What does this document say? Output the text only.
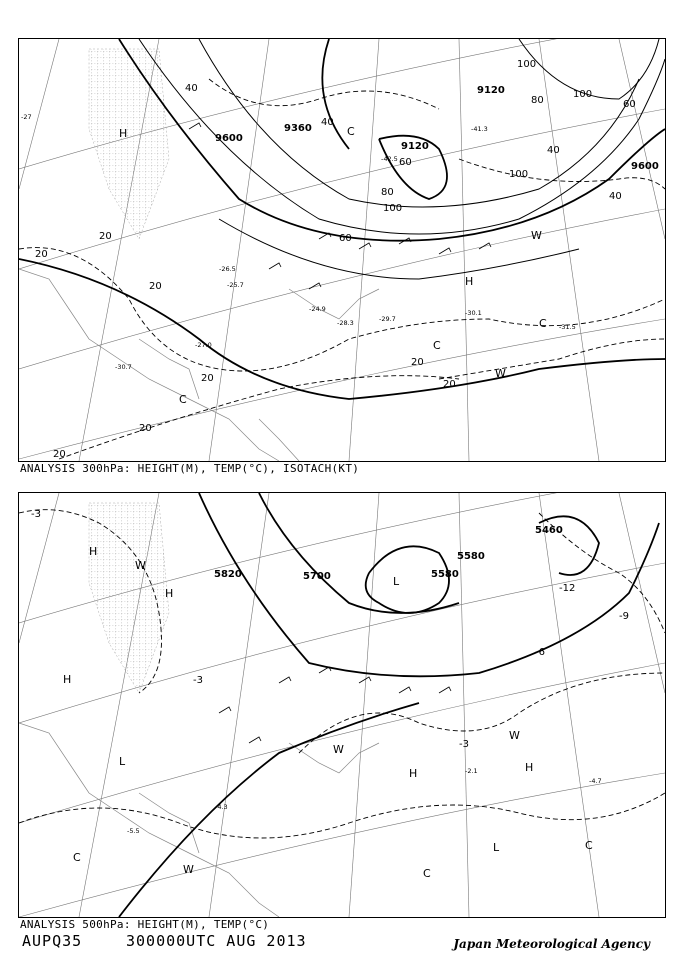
9600
9360
9120
9120
9600
20
20
20
20
20
20
20
20
40
40
40
40
60
60
60
80
80
100
100
100
100
-27
-25.7
-26.5
-24.9
-28.3	-29.7
-30.1
-31.5
-27.0
-30.7
-42.5
-41.3
H
H
C
C
C
C
W
W
ANALYSIS 300hPa: HEIGHT(M), TEMP(°C), ISOTACH(KT)
5460
5580
5580
5700
5820
-3
-3
-6
-9
-12
-3
-4.3
-5.5
-4.7
-2.1
H
H
H
H	H
L
L
L
W
W
W
C
C
C
W
ANALYSIS 500hPa: HEIGHT(M), TEMP(°C)
AUPQ35	300000UTC AUG 2013	Japan Meteorological Agency
